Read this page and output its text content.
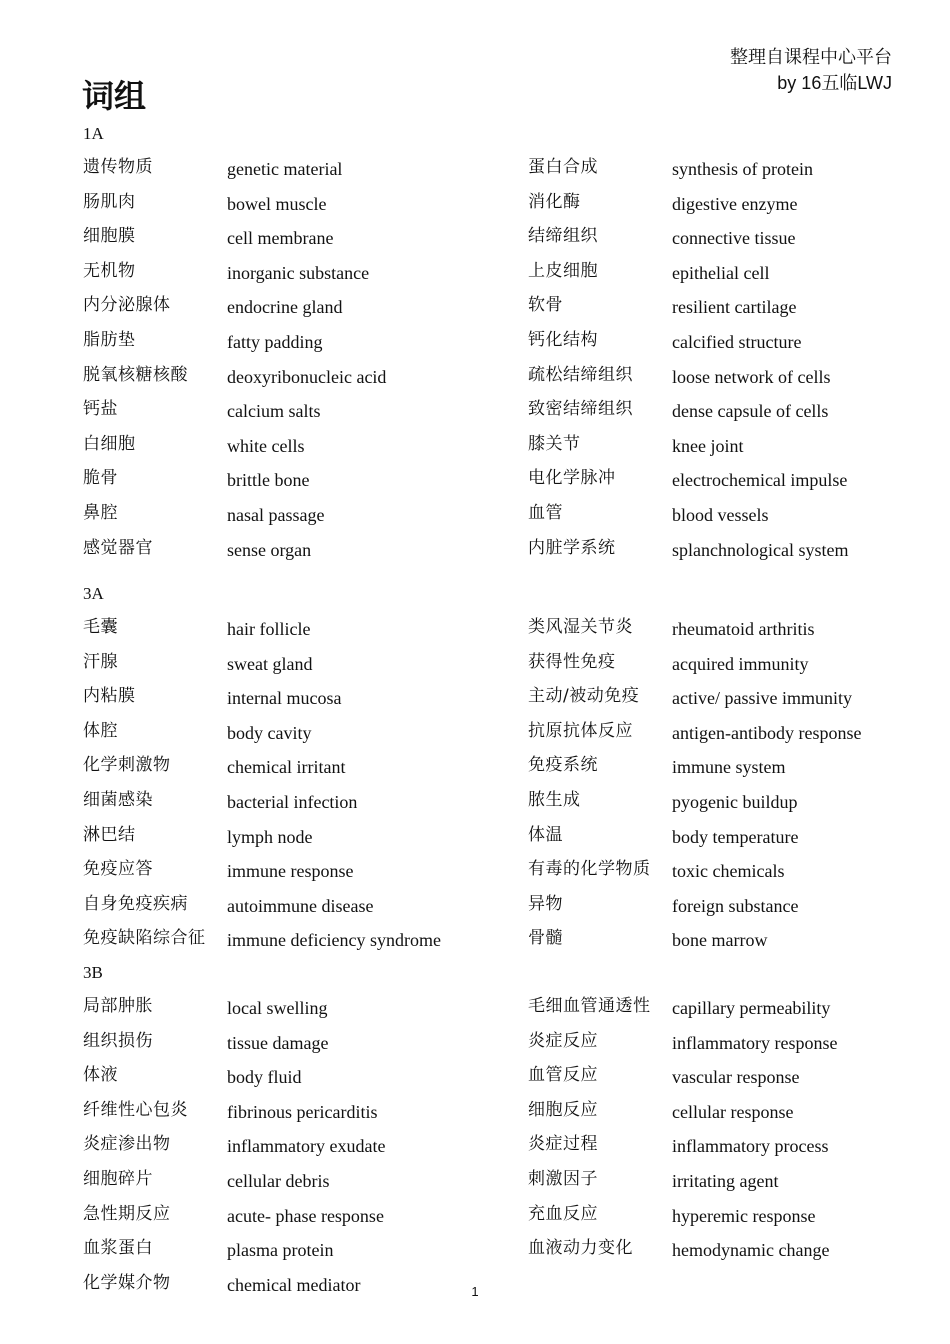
整理自课程中心平台
by 16五临LWJ
词组
1A
遗传物质	genetic material
肠肌肉	bowel muscle
细胞膜	cell membrane
无机物	inorganic substance
内分泌腺体	endocrine gland
脂肪垫	fatty padding
脱氧核糖核酸 deoxyribonucleic acid
钙盐	calcium salts
白细胞	white cells
脆骨	brittle bone
鼻腔	nasal passage
感觉器官	sense organ
蛋白合成	synthesis of protein
消化酶	digestive enzyme
结缔组织	connective tissue
上皮细胞	epithelial cell
软骨	resilient cartilage
钙化结构	calcified structure
疏松结缔组织 loose network of cells
致密结缔组织 dense capsule of cells
膝关节	knee joint
电化学脉冲	electrochemical impulse
血管	blood vessels
内脏学系统	splanchnological system
3A
毛囊	hair follicle
汗腺	sweat gland
内粘膜	internal mucosa
体腔	body cavity
化学刺激物	chemical irritant
细菌感染	bacterial infection
淋巴结	lymph node
免疫应答	immune response
自身免疫疾病 autoimmune disease
免疫缺陷综合征 immune deficiency syndrome
类风湿关节炎 rheumatoid arthritis
获得性免疫	acquired immunity
主动/被动免疫 active/ passive immunity
抗原抗体反应 antigen-antibody response
免疫系统	immune system
脓生成	pyogenic buildup
体温	body temperature
有毒的化学物质 toxic chemicals
异物	foreign substance
骨髓	bone marrow
3B
局部肿胀	local swelling
组织损伤	tissue damage
体液	body fluid
纤维性心包炎 fibrinous pericarditis
炎症渗出物	inflammatory exudate
细胞碎片	cellular debris
急性期反应	acute- phase response
血浆蛋白	plasma protein
化学媒介物	chemical mediator
毛细血管通透性 capillary permeability
炎症反应	inflammatory response
血管反应	vascular response
细胞反应	cellular response
炎症过程	inflammatory process
刺激因子	irritating agent
充血反应	hyperemic response
血液动力变化 hemodynamic change
1
